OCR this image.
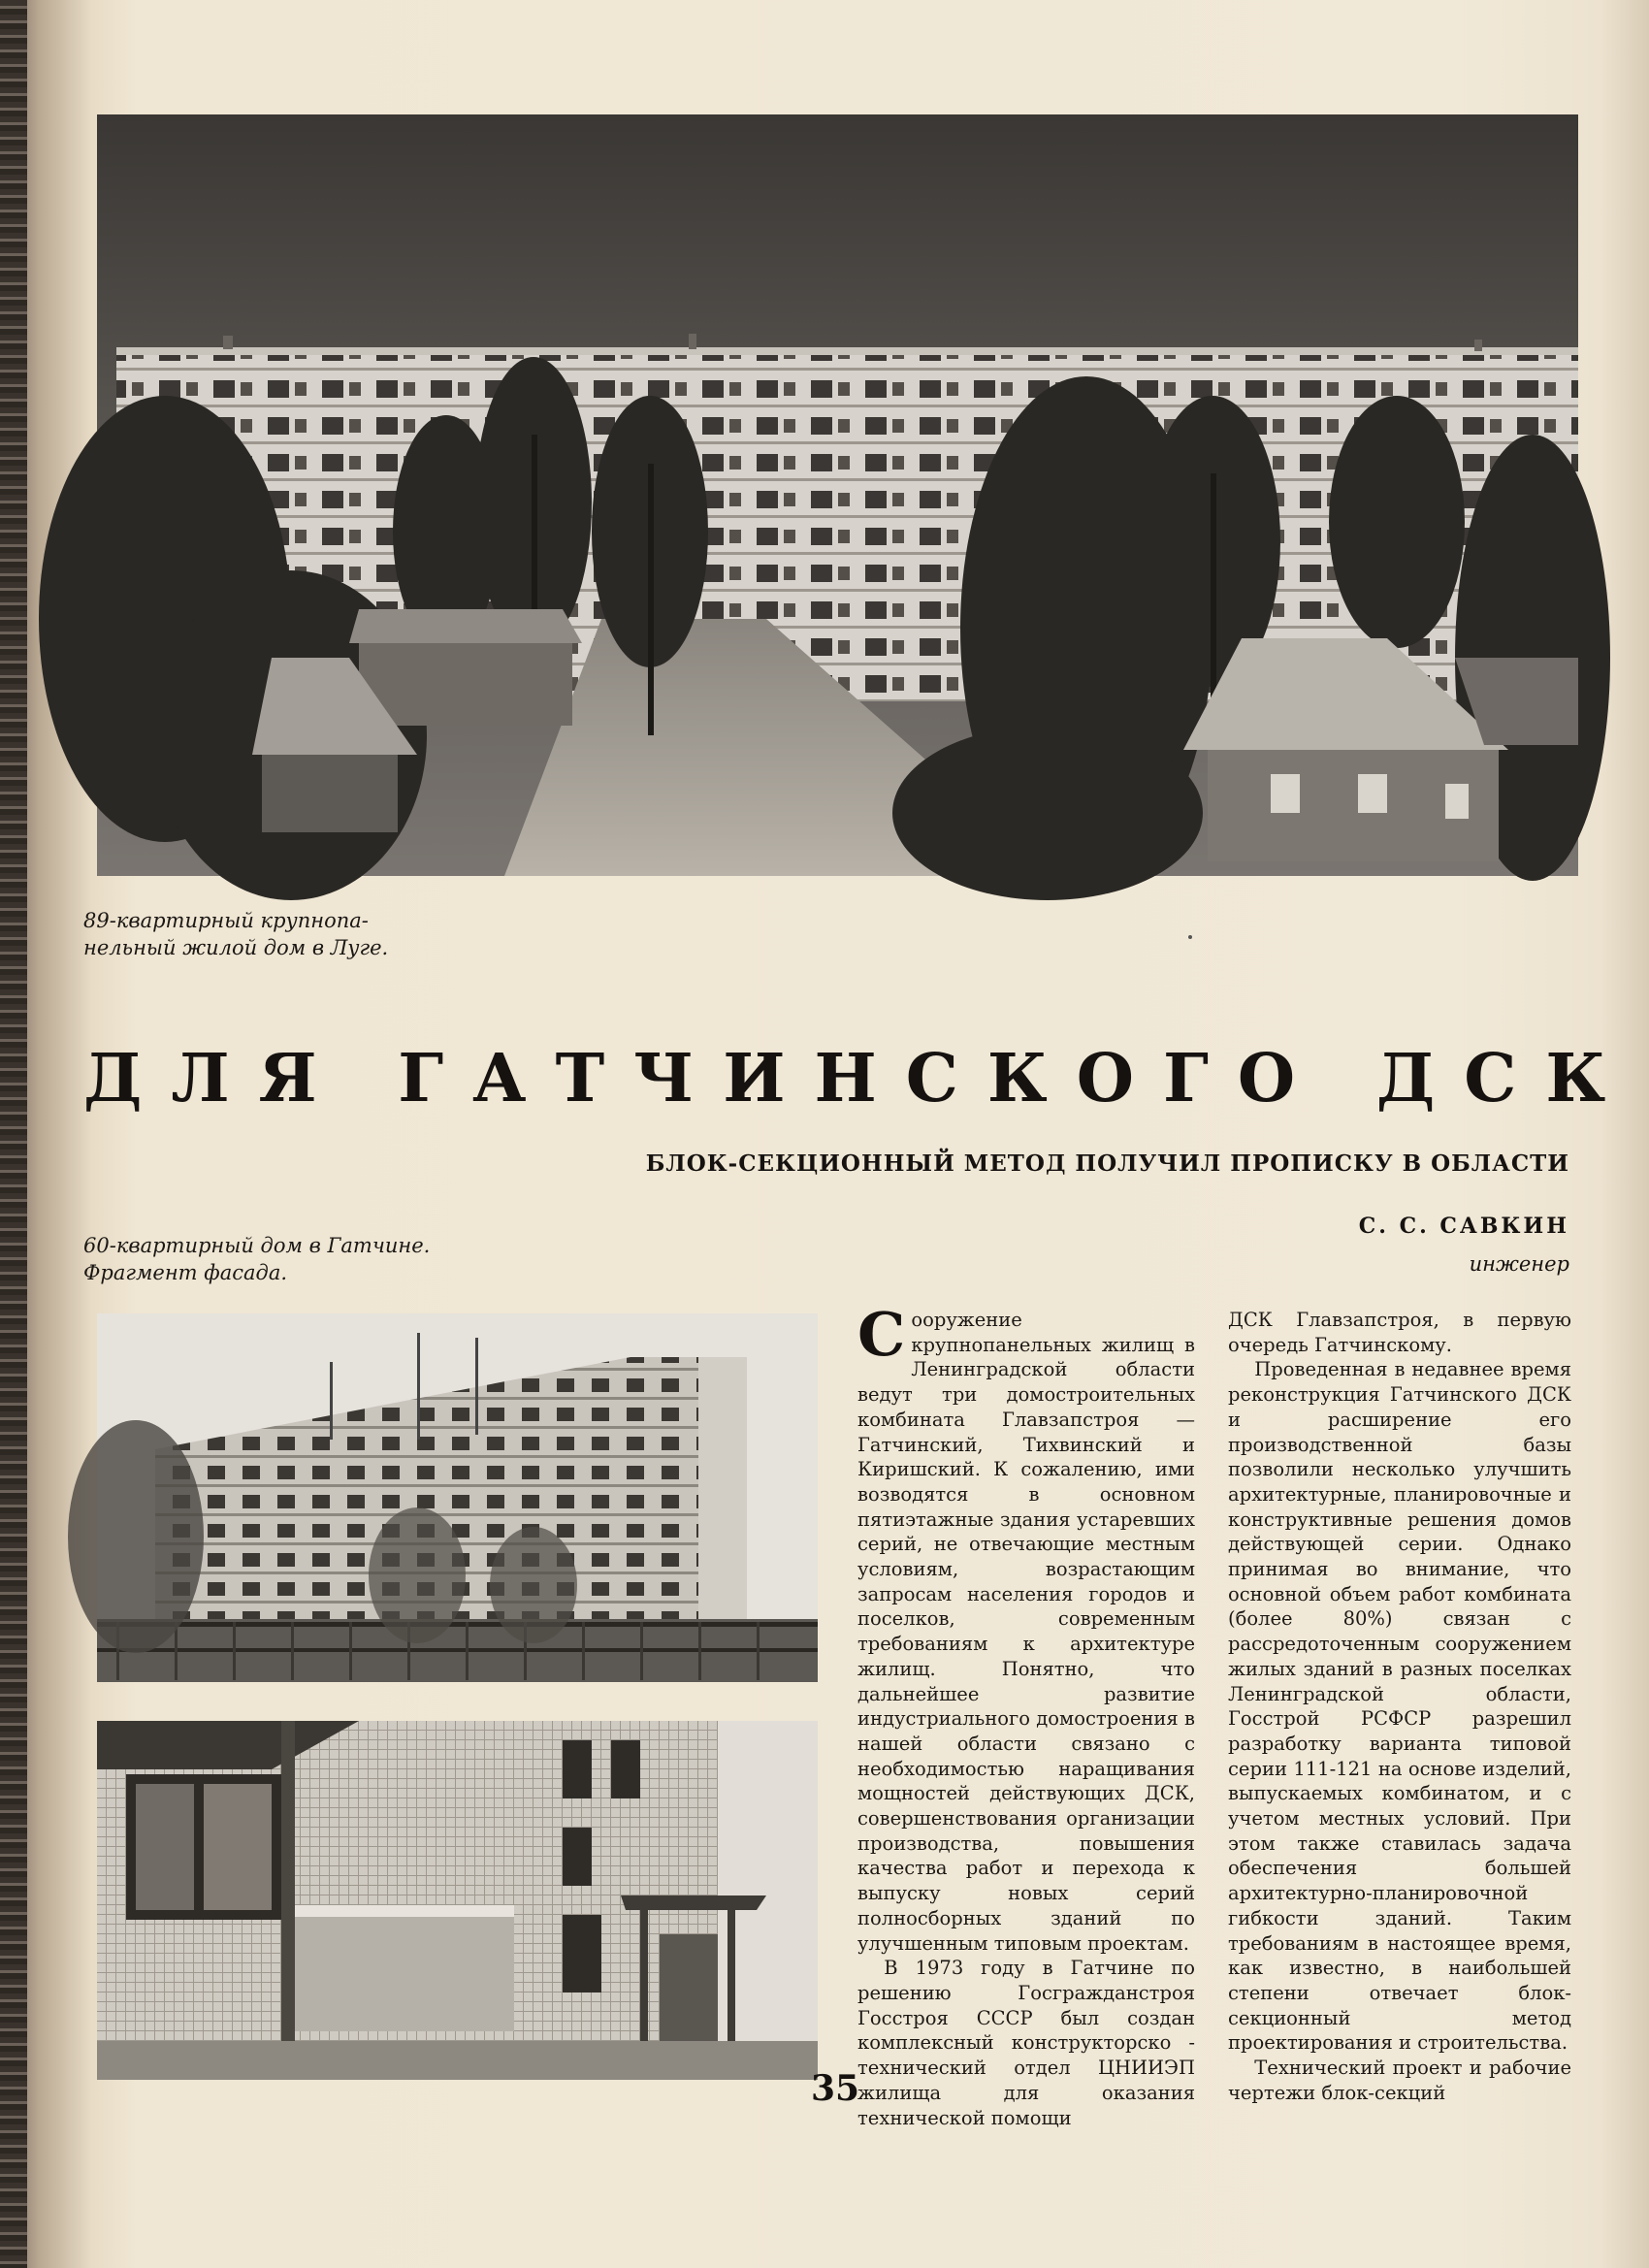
89-квартирный крупнопа-
нельный жилой дом в Луге.
ДЛЯ ГАТЧИНСКОГО ДСК
БЛОК-СЕКЦИОННЫЙ МЕТОД ПОЛУЧИЛ ПРОПИСКУ В ОБЛАСТИ
С. С. САВКИН
инженер
60-квартирный дом в Гатчине.
Фрагмент фасада.

Сооружение крупнопанельных жилищ в Ленинградской области ведут три домостроительных комбината Главзапстроя — Гатчинский, Тихвинский и Киришский. К сожалению, ими возводятся в основном пятиэтажные здания устаревших серий, не отвечающие местным условиям, возрастающим запросам населения городов и поселков, современным требованиям к архитектуре жилищ. Понятно, что дальнейшее развитие индустриального домостроения в нашей области связано с необходимостью наращивания мощностей действующих ДСК, совершенствования организации производства, повышения качества работ и перехода к выпуску новых серий полносборных зданий по улучшенным типовым проектам.

В 1973 году в Гатчине по решению Госгражданстроя Госстроя СССР был создан комплексный конструкторско - технический отдел ЦНИИЭП жилища для оказания технической помощи

ДСК Главзапстроя, в первую очередь Гатчинскому.

Проведенная в недавнее время реконструкция Гатчинского ДСК и расширение его производственной базы позволили несколько улучшить архитектурные, планировочные и конструктивные решения домов действующей серии. Однако принимая во внимание, что основной объем работ комбината (более 80%) связан с рассредоточенным сооружением жилых зданий в разных поселках Ленинградской области, Госстрой РСФСР разрешил разработку варианта типовой серии 111-121 на основе изделий, выпускаемых комбинатом, и с учетом местных условий. При этом также ставилась задача обеспечения большей архитектурно-планировочной гибкости зданий. Таким требованиям в настоящее время, как известно, в наибольшей степени отвечает блок-секционный метод проектирования и строительства.

Технический проект и рабочие чертежи блок-секций

35
